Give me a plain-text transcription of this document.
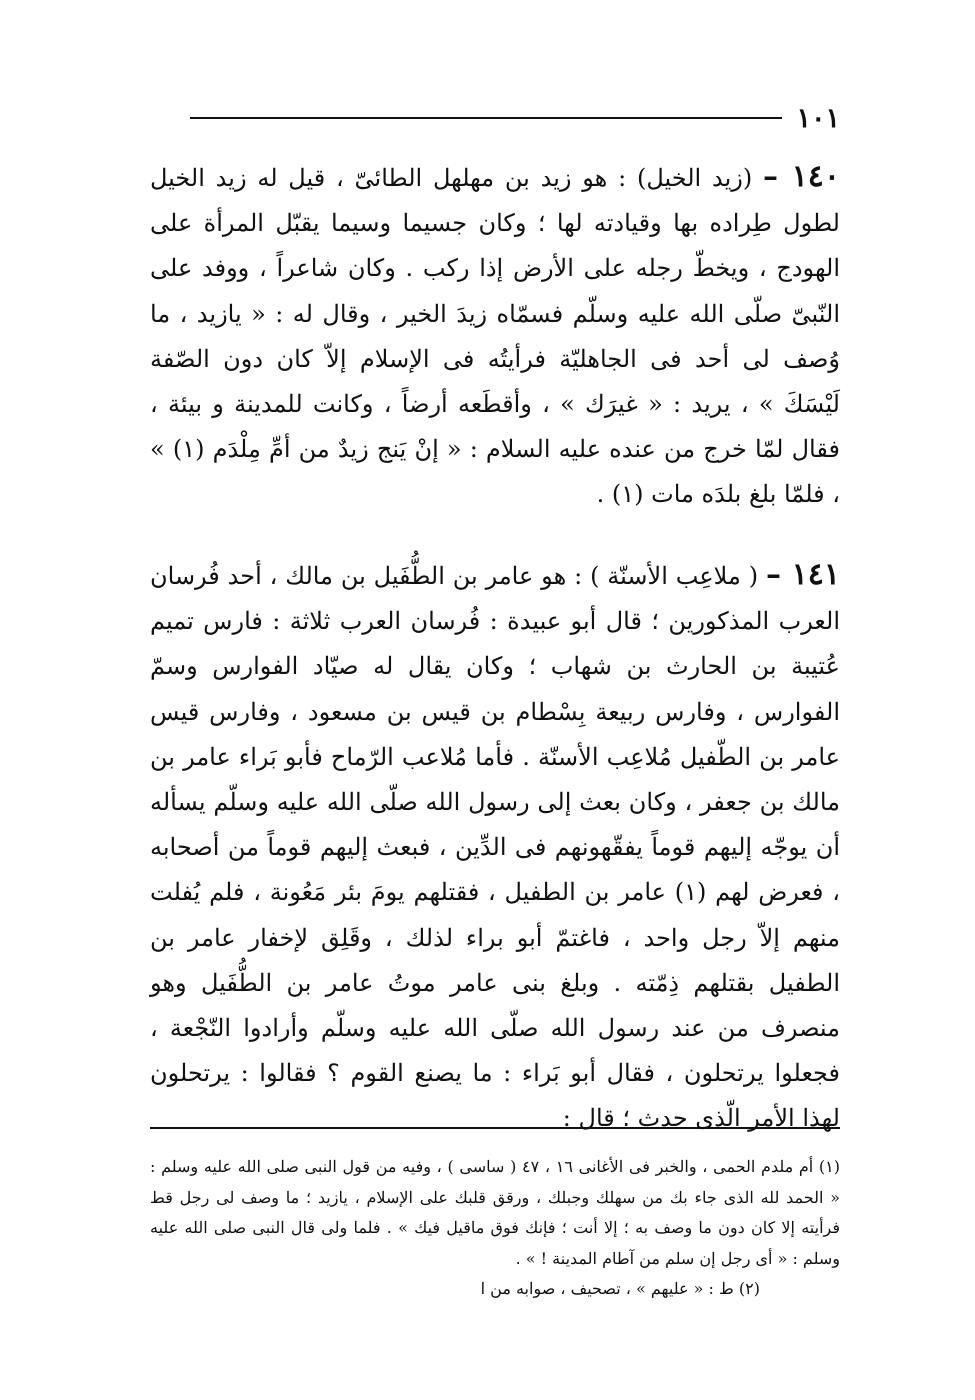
١٠١
١٤٠ – (زيد الخيل) : هو زيد بن مهلهل الطائىّ ، قيل له زيد الخيل لطول طِراده بها وقيادته لها ؛ وكان جسيما وسيما يقبّل المرأة على الهودج ، ويخطّ رجله على الأرض إذا ركب . وكان شاعراً ، ووفد على النّبىّ صلّى الله عليه وسلّم فسمّاه زيدَ الخير ، وقال له : « يازيد ، ما وُصف لى أحد فى الجاهليّة فرأيتُه فى الإسلام إلاّ كان دون الصّفة لَيْسَكَ » ، يريد : « غيرَك » ، وأقطَعه أرضاً ، وكانت للمدينة و بيئة ، فقال لمّا خرج من عنده عليه السلام : « إنْ يَنج زيدٌ من أمِّ مِلْدَم (١) » ، فلمّا بلغ بلدَه مات (١) .
١٤١ – ( ملاعِب الأسنّة ) : هو عامر بن الطُّفَيل بن مالك ، أحد فُرسان العرب المذكورين ؛ قال أبو عبيدة : فُرسان العرب ثلاثة : فارس تميم عُتيبة بن الحارث بن شهاب ؛ وكان يقال له صيّاد الفوارس وسمّ الفوارس ، وفارس ربيعة بِسْطام بن قيس بن مسعود ، وفارس قيس عامر بن الطّفيل مُلاعِب الأسنّة . فأما مُلاعب الرّماح فأبو بَراء عامر بن مالك بن جعفر ، وكان بعث إلى رسول الله صلّى الله عليه وسلّم يسأله أن يوجّه إليهم قوماً يفقّهونهم فى الدِّين ، فبعث إليهم قوماً من أصحابه ، فعرض لهم (١) عامر بن الطفيل ، فقتلهم يومَ بئر مَعُونة ، فلم يُفلت منهم إلاّ رجل واحد ، فاغتمّ أبو براء لذلك ، وقَلِق لإخفار عامر بن الطفيل بقتلهم ذِمّته . وبلغ بنى عامر موتُ عامر بن الطُّفَيل وهو منصرف من عند رسول الله صلّى الله عليه وسلّم وأرادوا النّجْعة ، فجعلوا يرتحلون ، فقال أبو بَراء : ما يصنع القوم ؟ فقالوا : يرتحلون لهذا الأمر الّذى حدث ؛ قال :

(١) أم ملدم الحمى ، والخبر فى الأغانى ١٦ ، ٤٧ ( ساسى ) ، وفيه من قول النبى صلى الله عليه وسلم : « الحمد لله الذى جاء بك من سهلك وجبلك ، ورقق قلبك على الإسلام ، يازيد ؛ ما وصف لى رجل قط فرأيته إلا كان دون ما وصف به ؛ إلا أنت ؛ فإنك فوق ماقيل فيك » . فلما ولى قال النبى صلى الله عليه وسلم : « أى رجل إن سلم من آطام المدينة ! » .

(٢) ط : « عليهم » ، تصحيف ، صوابه من ا
